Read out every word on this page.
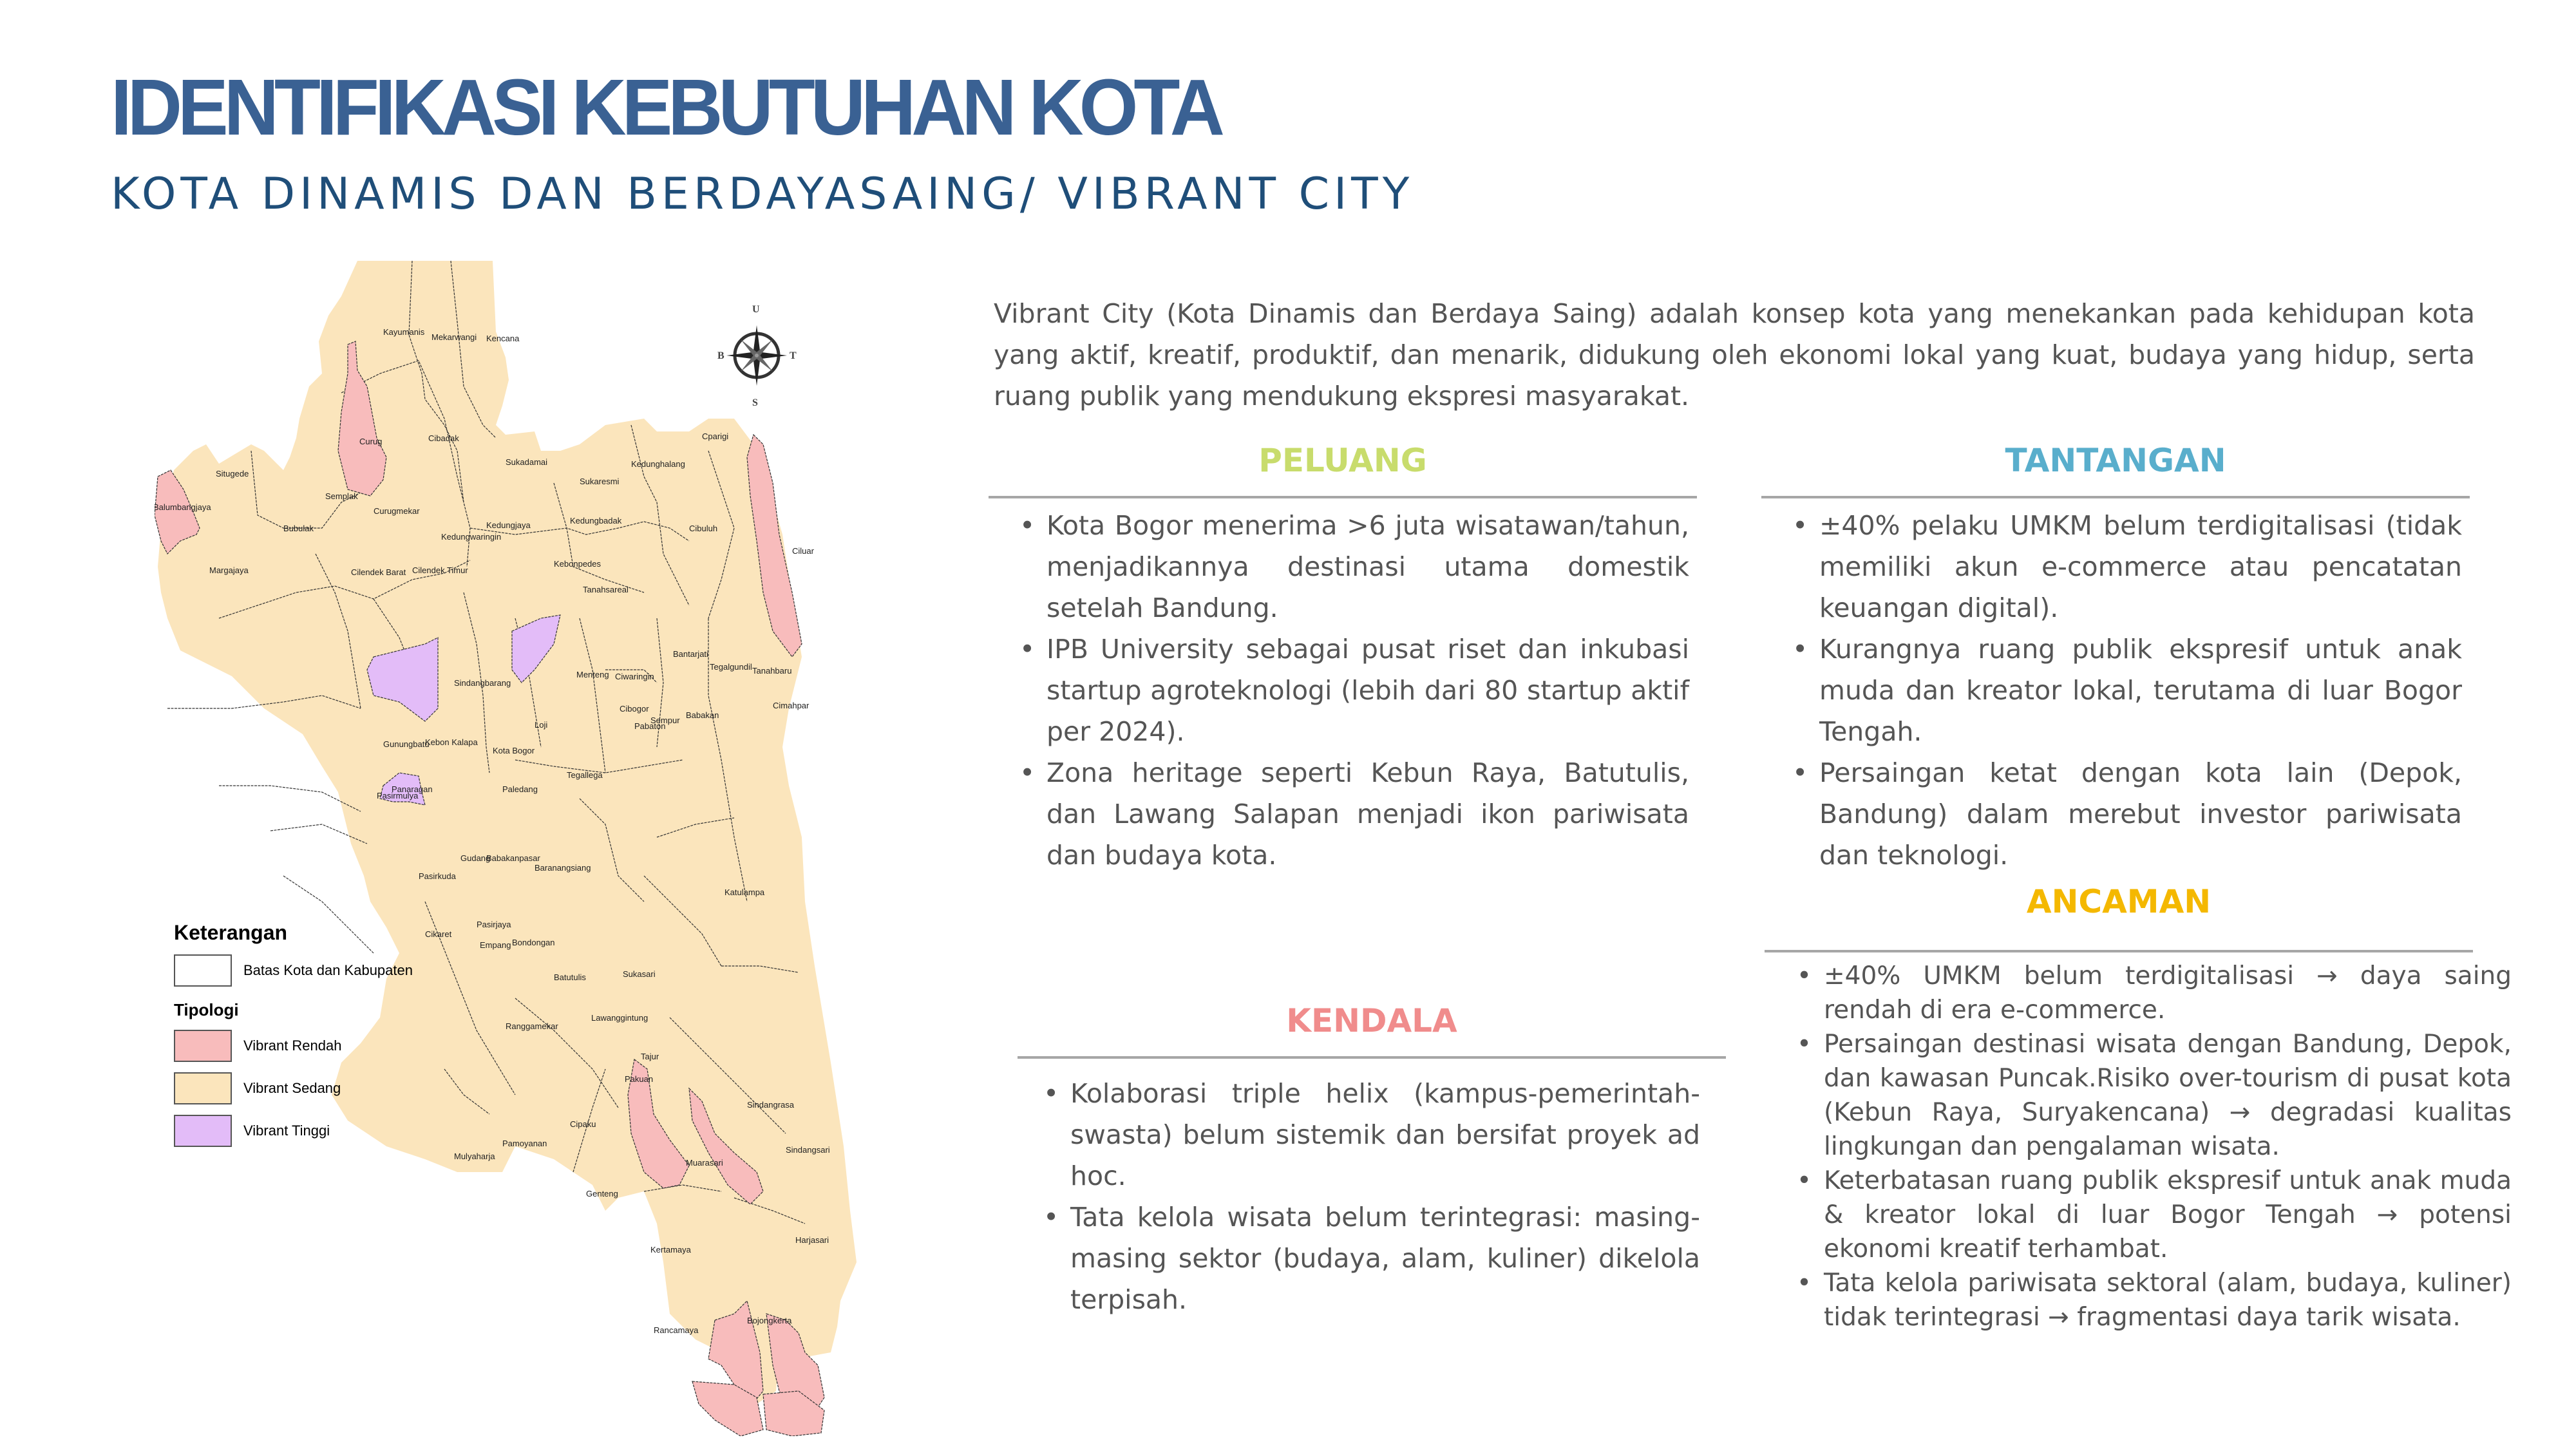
IDENTIFIKASI KEBUTUHAN KOTA
KOTA DINAMIS DAN BERDAYASAING/ VIBRANT CITY
Kayumanis
Mekarwangi Kencana
Curug	Cibadak
Sukadamai
Cparigi
Kedunghalang
Sukaresmi
Situgede
Balumbangjaya
Semplak
Curugmekar
Bubulak	Kedungjaya
Kedungwaringin
Kedungbadak
Cibuluh
Ciluar
Margajaya	Cilendek Barat Cilendek Timur
Kebonpedes
Tanahsareal
Sindangbarang
Menteng Ciwaringin
Bantarjati
Tegalgundil Tanahbaru
Loji
Cibogor
Pabaton
Sempur
Babakan
Cimahpar
Gunungbatu
Kebon Kalapa
Kota Bogor
Panaragan	Paledang
Tegallega
Pasirmulya
Pasirkuda
Gudang
Babakanpasar
Baranangsiang
Katulampa
Cikaret
Pasirjaya
Empang Bondongan
Sukasari
Batutulis
Ranggamekar
Lawanggintung
Tajur
Pakuan
Sindangrasa
Cipaku
Pamoyanan
Mulyaharja
Muarasari
Sindangsari
Genteng
Kertamaya
Harjasari
Rancamaya
Bojongkerta
U
S
B	T

Keterangan

Batas Kota dan Kabupaten

Tipologi

Vibrant Rendah
Vibrant Sedang
Vibrant Tinggi

Vibrant City (Kota Dinamis dan Berdaya Saing) adalah konsep kota yang menekankan pada kehidupan kota yang aktif, kreatif, produktif, dan menarik, didukung oleh ekonomi lokal yang kuat, budaya yang hidup, serta ruang publik yang mendukung ekspresi masyarakat.

PELUANG
• Kota Bogor menerima >6 juta wisatawan/tahun, menjadikannya destinasi utama domestik setelah Bandung.
• IPB University sebagai pusat riset dan inkubasi startup agroteknologi (lebih dari 80 startup aktif per 2024).
• Zona heritage seperti Kebun Raya, Batutulis, dan Lawang Salapan menjadi ikon pariwisata dan budaya kota.
TANTANGAN
• ±40% pelaku UMKM belum terdigitalisasi (tidak memiliki akun e-commerce atau pencatatan keuangan digital).
• Kurangnya ruang publik ekspresif untuk anak muda dan kreator lokal, terutama di luar Bogor Tengah.
• Persaingan ketat dengan kota lain (Depok, Bandung) dalam merebut investor pariwisata dan teknologi.
KENDALA
• Kolaborasi triple helix (kampus-pemerintah-swasta) belum sistemik dan bersifat proyek ad hoc.
• Tata kelola wisata belum terintegrasi: masing-masing sektor (budaya, alam, kuliner) dikelola terpisah.
ANCAMAN
• ±40% UMKM belum terdigitalisasi → daya saing rendah di era e-commerce.
• Persaingan destinasi wisata dengan Bandung, Depok, dan kawasan Puncak.Risiko over-tourism di pusat kota (Kebun Raya, Suryakencana) → degradasi kualitas lingkungan dan pengalaman wisata.
• Keterbatasan ruang publik ekspresif untuk anak muda & kreator lokal di luar Bogor Tengah → potensi ekonomi kreatif terhambat.
• Tata kelola pariwisata sektoral (alam, budaya, kuliner) tidak terintegrasi → fragmentasi daya tarik wisata.
